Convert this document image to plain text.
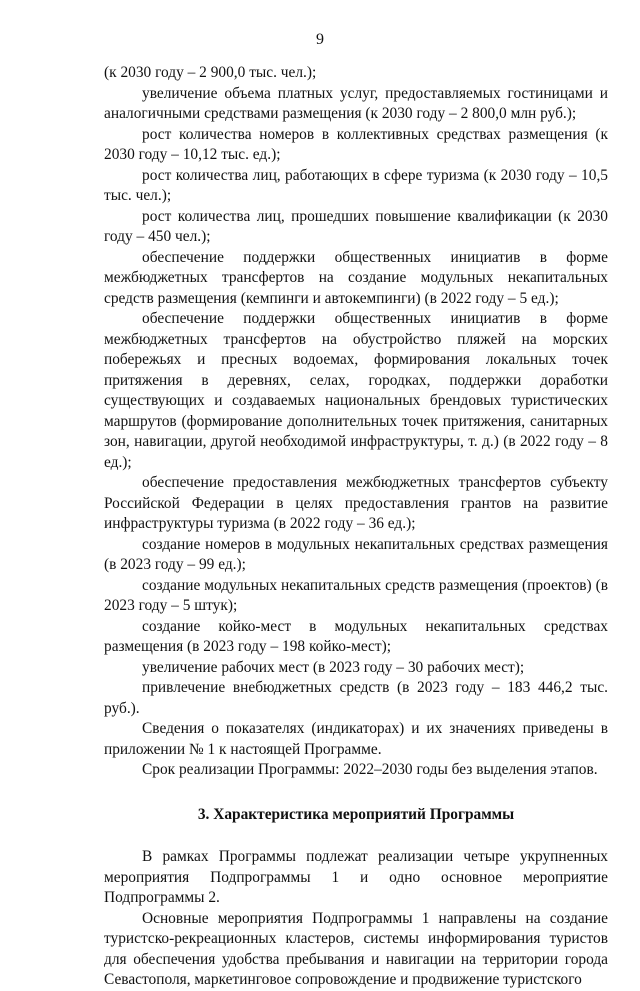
9

(к 2030 году – 2 900,0 тыс. чел.);

увеличение объема платных услуг, предоставляемых гостиницами и аналогичными средствами размещения (к 2030 году – 2 800,0 млн руб.);

рост количества номеров в коллективных средствах размещения (к 2030 году – 10,12 тыс. ед.);

рост количества лиц, работающих в сфере туризма (к 2030 году – 10,5 тыс. чел.);

рост количества лиц, прошедших повышение квалификации (к 2030 году – 450 чел.);

обеспечение поддержки общественных инициатив в форме межбюджетных трансфертов на создание модульных некапитальных средств размещения (кемпинги и автокемпинги) (в 2022 году – 5 ед.);

обеспечение поддержки общественных инициатив в форме межбюджетных трансфертов на обустройство пляжей на морских побережьях и пресных водоемах, формирования локальных точек притяжения в деревнях, селах, городках, поддержки доработки существующих и создаваемых национальных брендовых туристических маршрутов (формирование дополнительных точек притяжения, санитарных зон, навигации, другой необходимой инфраструктуры, т. д.) (в 2022 году – 8 ед.);

обеспечение предоставления межбюджетных трансфертов субъекту Российской Федерации в целях предоставления грантов на развитие инфраструктуры туризма (в 2022 году – 36 ед.);

создание номеров в модульных некапитальных средствах размещения (в 2023 году – 99 ед.);

создание модульных некапитальных средств размещения (проектов) (в 2023 году – 5 штук);

создание койко-мест в модульных некапитальных средствах размещения (в 2023 году – 198 койко-мест);

увеличение рабочих мест (в 2023 году – 30 рабочих мест);

привлечение внебюджетных средств (в 2023 году – 183 446,2 тыс. руб.).

Сведения о показателях (индикаторах) и их значениях приведены в приложении № 1 к настоящей Программе.

Срок реализации Программы: 2022–2030 годы без выделения этапов.

3. Характеристика мероприятий Программы

В рамках Программы подлежат реализации четыре укрупненных мероприятия Подпрограммы 1 и одно основное мероприятие Подпрограммы 2.

Основные мероприятия Подпрограммы 1 направлены на создание туристско-рекреационных кластеров, системы информирования туристов для обеспечения удобства пребывания и навигации на территории города Севастополя, маркетинговое сопровождение и продвижение туристского
